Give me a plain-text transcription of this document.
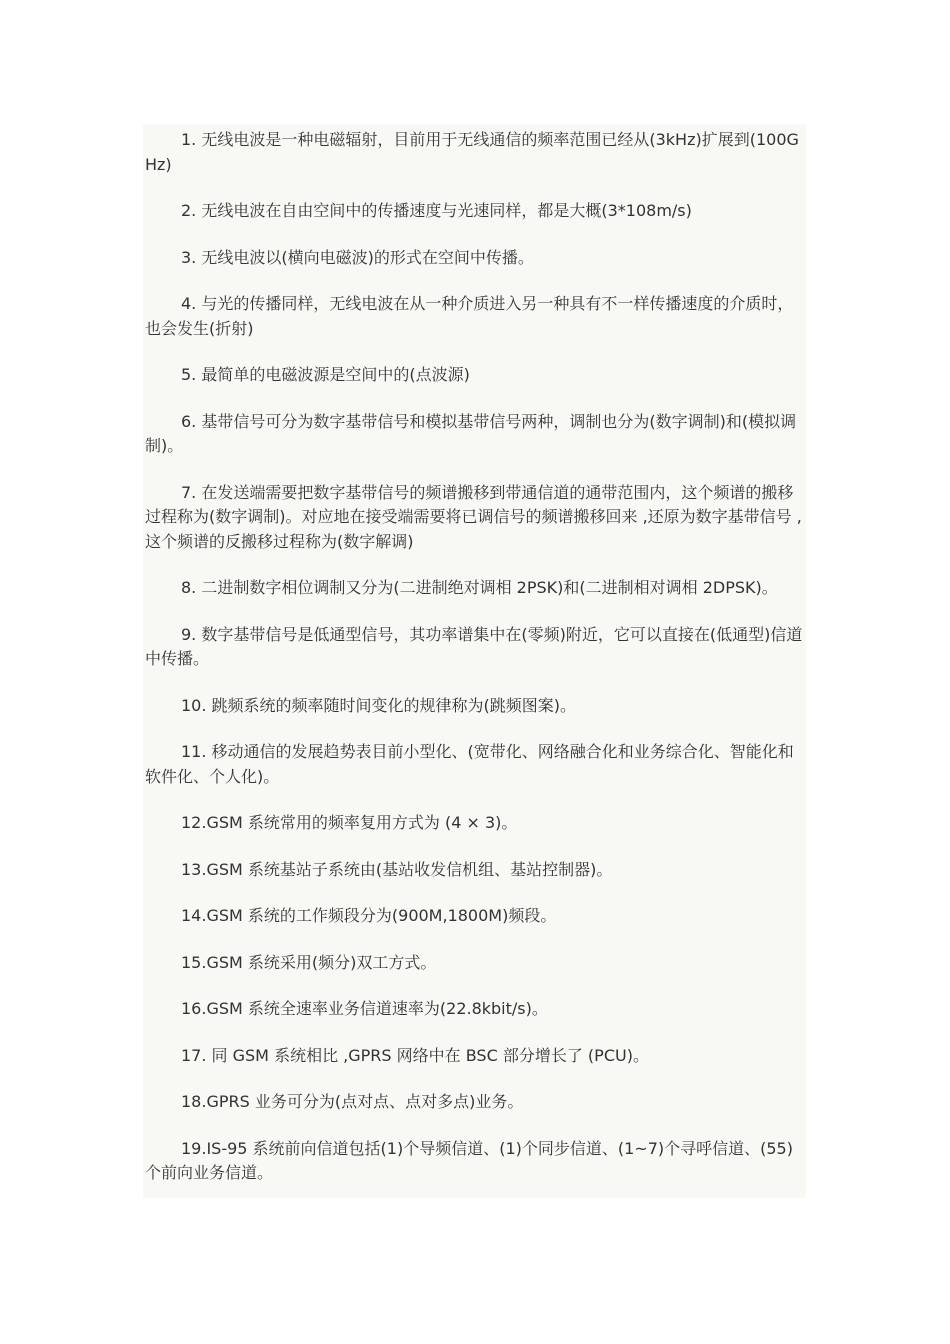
1. 无线电波是一种电磁辐射，目前用于无线通信的频率范围已经从(3kHz)扩展到(100GHz)

2. 无线电波在自由空间中的传播速度与光速同样，都是大概(3*108m/s)

3. 无线电波以(横向电磁波)的形式在空间中传播。

4. 与光的传播同样，无线电波在从一种介质进入另一种具有不一样传播速度的介质时， 也会发生(折射)

5. 最简单的电磁波源是空间中的(点波源)

6. 基带信号可分为数字基带信号和模拟基带信号两种，调制也分为(数字调制)和(模拟调制)。

7. 在发送端需要把数字基带信号的频谱搬移到带通信道的通带范围内，这个频谱的搬移 过程称为(数字调制)。对应地在接受端需要将已调信号的频谱搬移回来 ,还原为数字基带信号 ,这个频谱的反搬移过程称为(数字解调)

8. 二进制数字相位调制又分为(二进制绝对调相 2PSK)和(二进制相对调相 2DPSK)。

9. 数字基带信号是低通型信号，其功率谱集中在(零频)附近，它可以直接在(低通型)信道中传播。

10. 跳频系统的频率随时间变化的规律称为(跳频图案)。

11. 移动通信的发展趋势表目前小型化、(宽带化、网络融合化和业务综合化、智能化和软件化、个人化)。

12.GSM 系统常用的频率复用方式为 (4 × 3)。

13.GSM 系统基站子系统由(基站收发信机组、基站控制器)。

14.GSM 系统的工作频段分为(900M,1800M)频段。

15.GSM 系统采用(频分)双工方式。

16.GSM 系统全速率业务信道速率为(22.8kbit/s)。

17. 同 GSM 系统相比 ,GPRS 网络中在 BSC 部分增长了 (PCU)。

18.GPRS 业务可分为(点对点、点对多点)业务。

19.IS-95 系统前向信道包括(1)个导频信道、(1)个同步信道、(1~7)个寻呼信道、(55)个前向业务信道。
